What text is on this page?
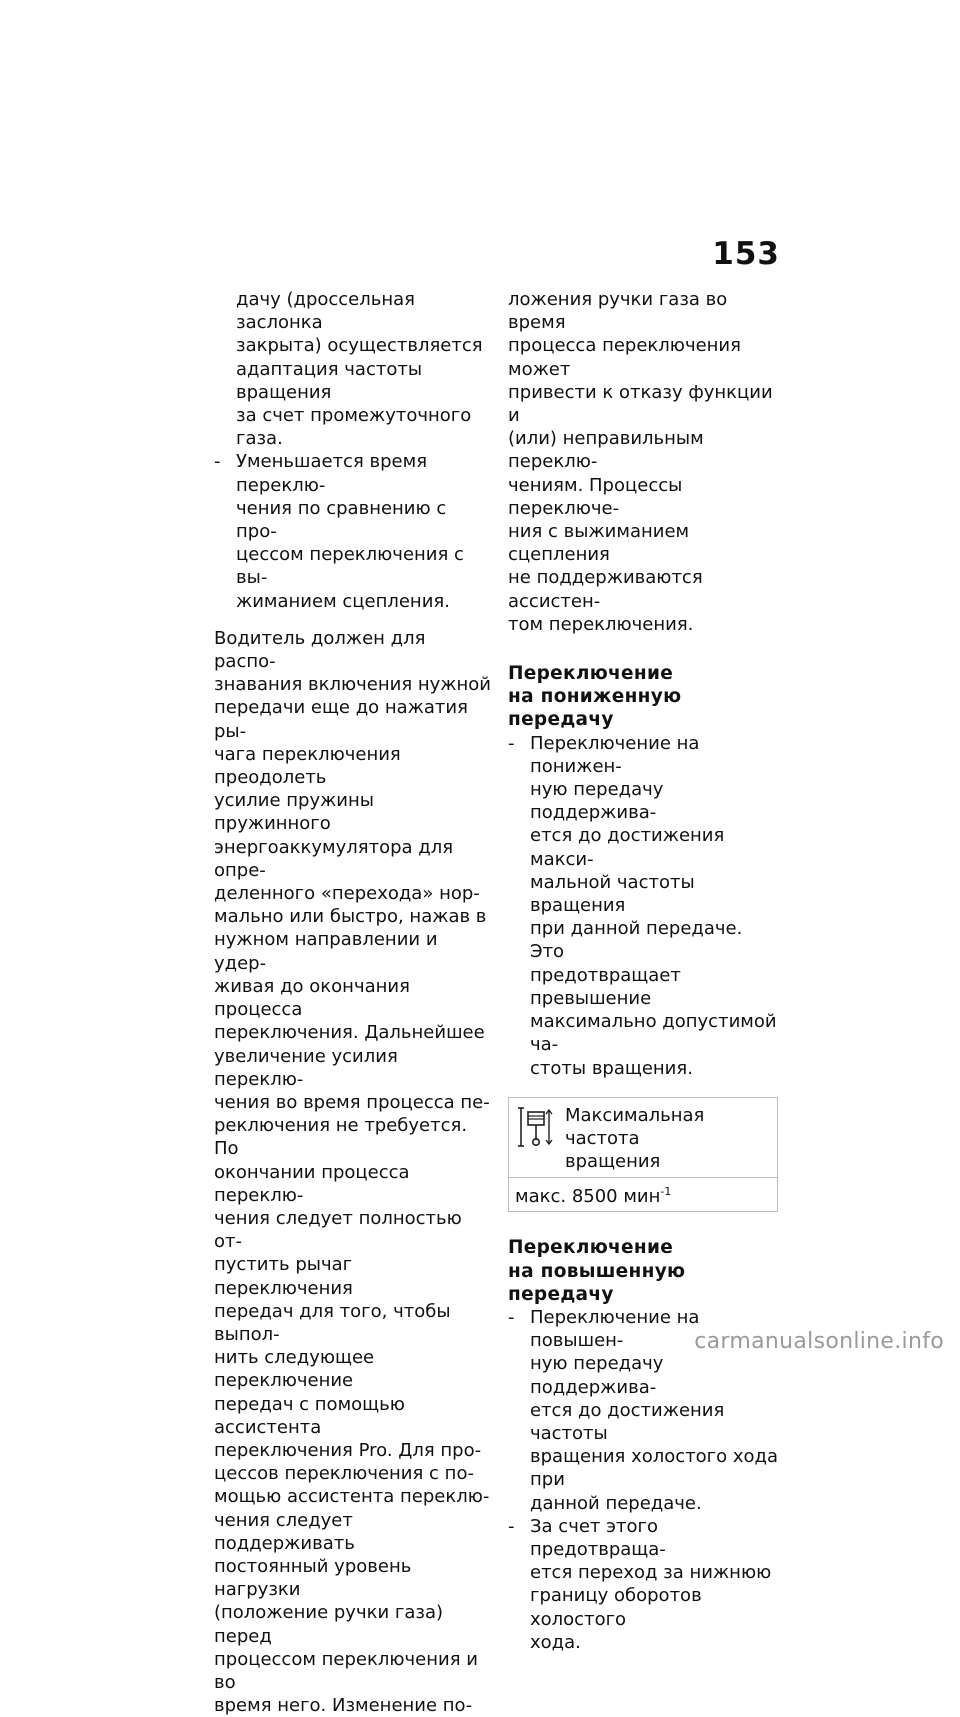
153

дачу (дроссельная заслонка

закрыта) осуществляется

адаптация частоты вращения

за счет промежуточного газа.

- Уменьшается время переклю-

чения по сравнению с про-

цессом переключения с вы-

жиманием сцепления.

Водитель должен для распо-

знавания включения нужной

передачи еще до нажатия ры-

чага переключения преодолеть

усилие пружины пружинного

энергоаккумулятора для опре-

деленного «перехода» нор-

мально или быстро, нажав в

нужном направлении и удер-

живая до окончания процесса

переключения. Дальнейшее

увеличение усилия переклю-

чения во время процесса пе-

реключения не требуется. По

окончании процесса переклю-

чения следует полностью от-

пустить рычаг переключения

передач для того, чтобы выпол-

нить следующее переключение

передач с помощью ассистента

переключения Pro. Для про-

цессов переключения с по-

мощью ассистента переклю-

чения следует поддерживать

постоянный уровень нагрузки

(положение ручки газа) перед

процессом переключения и во

время него. Изменение по-

ложения ручки газа во время

процесса переключения может

привести к отказу функции и

(или) неправильным переклю-

чениям. Процессы переключе-

ния с выжиманием сцепления

не поддерживаются ассистен-

том переключения.

Переключение
на пониженную передачу
- Переключение на понижен-

ную передачу поддержива-

ется до достижения макси-

мальной частоты вращения

при данной передаче. Это

предотвращает превышение

максимально допустимой ча-

стоты вращения.

Максимальная частота
вращения
макс. 8500 мин$^{-1}$
Переключение
на повышенную передачу
- Переключение на повышен-

ную передачу поддержива-

ется до достижения частоты

вращения холостого хода при

данной передаче.

- За счет этого предотвраща-

ется переход за нижнюю

границу оборотов холостого

хода.

carmanualsonline.info
